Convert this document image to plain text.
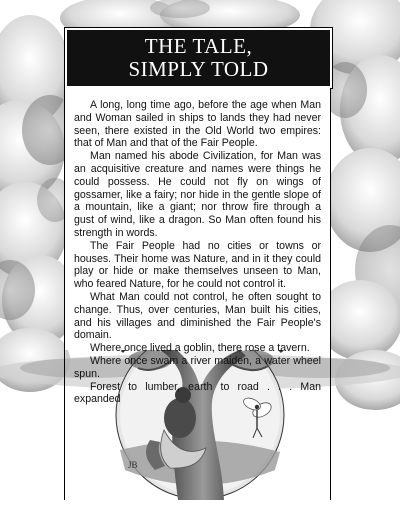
JB
THE TALE,
SIMPLY TOLD

A long, long time ago, before the age when Man and Woman sailed in ships to lands they had never seen, there existed in the Old World two empires: that of Man and that of the Fair People.

Man named his abode Civilization, for Man was an acquisitive creature and names were things he could possess. He could not fly on wings of gossamer, like a fairy; nor hide in the gentle slope of a mountain, like a giant; nor throw fire through a gust of wind, like a dragon. So Man often found his strength in words.

The Fair People had no cities or towns or houses. Their home was Nature, and in it they could play or hide or make themselves unseen to Man, who feared Nature, for he could not control it.

What Man could not control, he often sought to change. Thus, over centuries, Man built his cities, and his villages and diminished the Fair People's domain.

Where once lived a goblin, there rose a tavern.

Where once swam a river maiden, a water wheel spun.

Forest to lumber, earth to road . . . Man expanded
